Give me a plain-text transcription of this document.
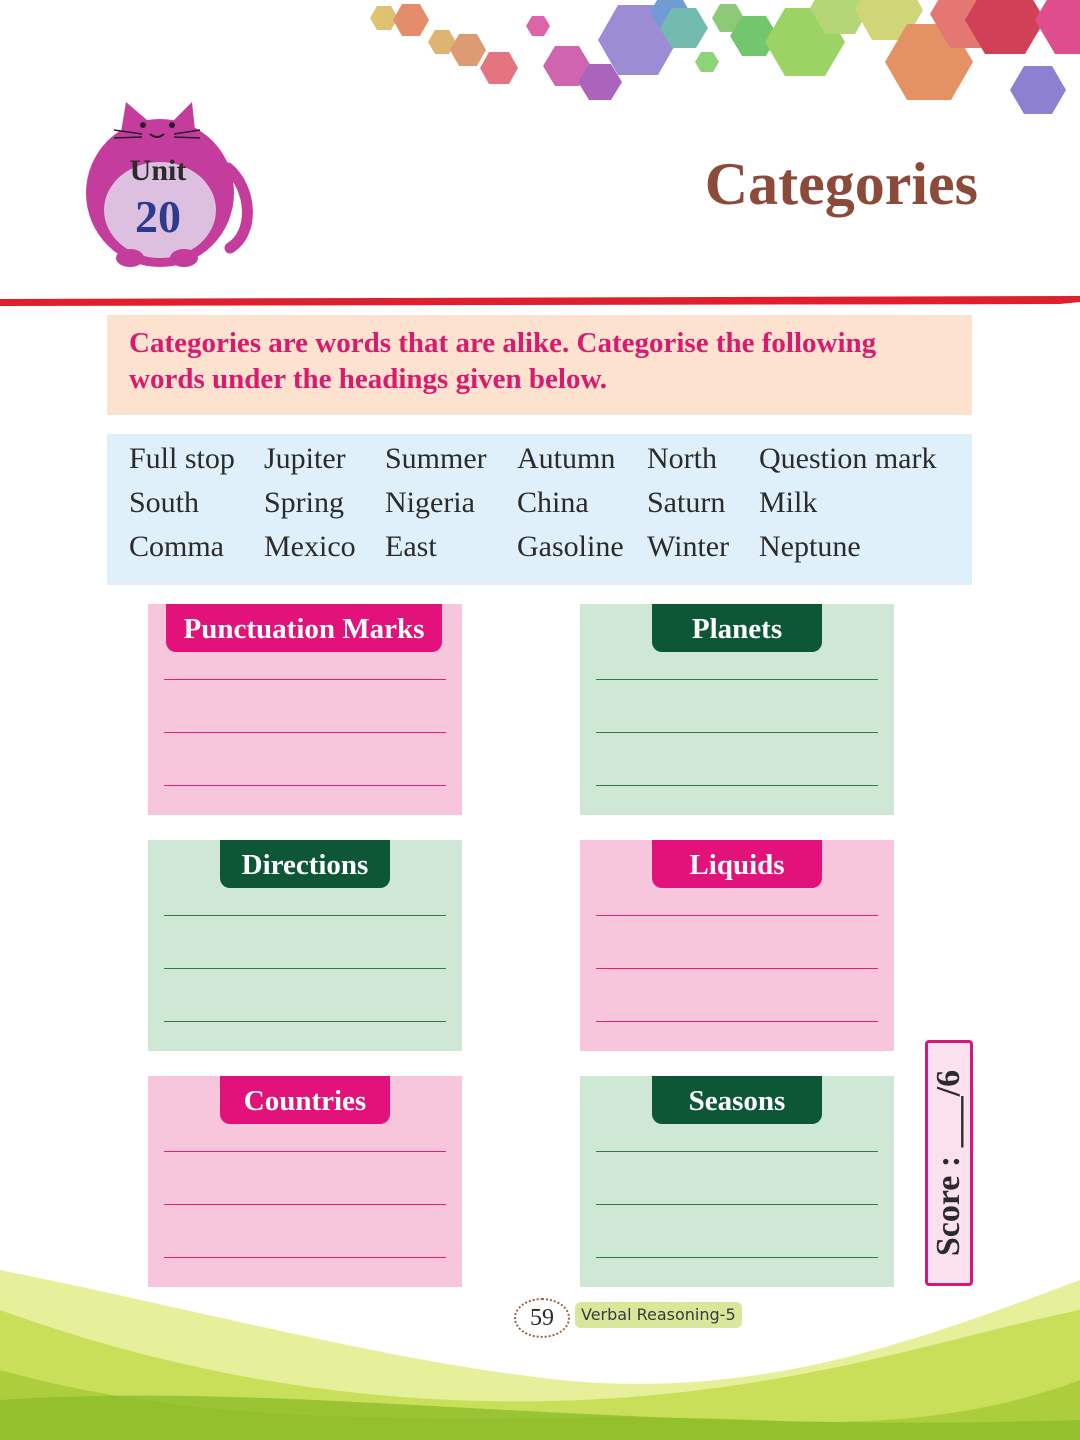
Unit
20	Categories
Categories are words that are alike. Categorise the following words under the headings given below.
Full stop Jupiter Summer Autumn North Question mark
South Spring Nigeria China Saturn Milk
Comma Mexico East	Gasoline Winter Neptune
Punctuation Marks	Planets
Directions	Liquids
Countries	Seasons
Score : ___/6
59	Verbal Reasoning-5
